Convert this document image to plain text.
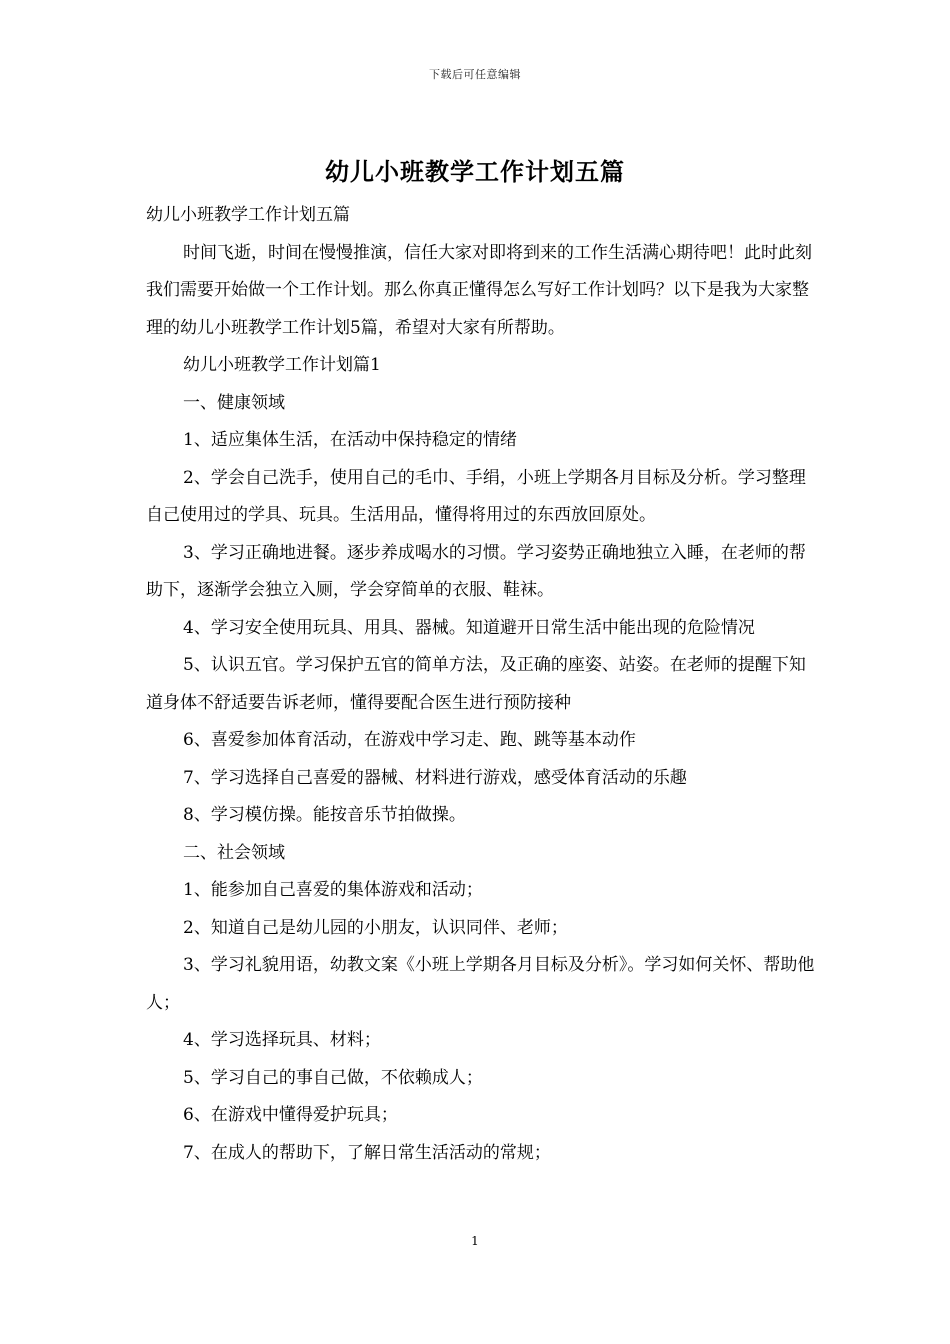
下载后可任意编辑
幼儿小班教学工作计划五篇

幼儿小班教学工作计划五篇

时间飞逝，时间在慢慢推演，信任大家对即将到来的工作生活满心期待吧！此时此刻我们需要开始做一个工作计划。那么你真正懂得怎么写好工作计划吗？以下是我为大家整理的幼儿小班教学工作计划5篇，希望对大家有所帮助。

幼儿小班教学工作计划篇1

一、健康领域

1、适应集体生活，在活动中保持稳定的情绪

2、学会自己洗手，使用自己的毛巾、手绢，小班上学期各月目标及分析。学习整理自己使用过的学具、玩具。生活用品，懂得将用过的东西放回原处。

3、学习正确地进餐。逐步养成喝水的习惯。学习姿势正确地独立入睡，在老师的帮助下，逐渐学会独立入厕，学会穿简单的衣服、鞋袜。

4、学习安全使用玩具、用具、器械。知道避开日常生活中能出现的危险情况

5、认识五官。学习保护五官的简单方法，及正确的座姿、站姿。在老师的提醒下知道身体不舒适要告诉老师，懂得要配合医生进行预防接种

6、喜爱参加体育活动，在游戏中学习走、跑、跳等基本动作

7、学习选择自己喜爱的器械、材料进行游戏，感受体育活动的乐趣

8、学习模仿操。能按音乐节拍做操。

二、社会领域

1、能参加自己喜爱的集体游戏和活动；

2、知道自己是幼儿园的小朋友，认识同伴、老师；

3、学习礼貌用语，幼教文案《小班上学期各月目标及分析》。学习如何关怀、帮助他人；

4、学习选择玩具、材料；

5、学习自己的事自己做，不依赖成人；

6、在游戏中懂得爱护玩具；

7、在成人的帮助下，了解日常生活活动的常规；

1
